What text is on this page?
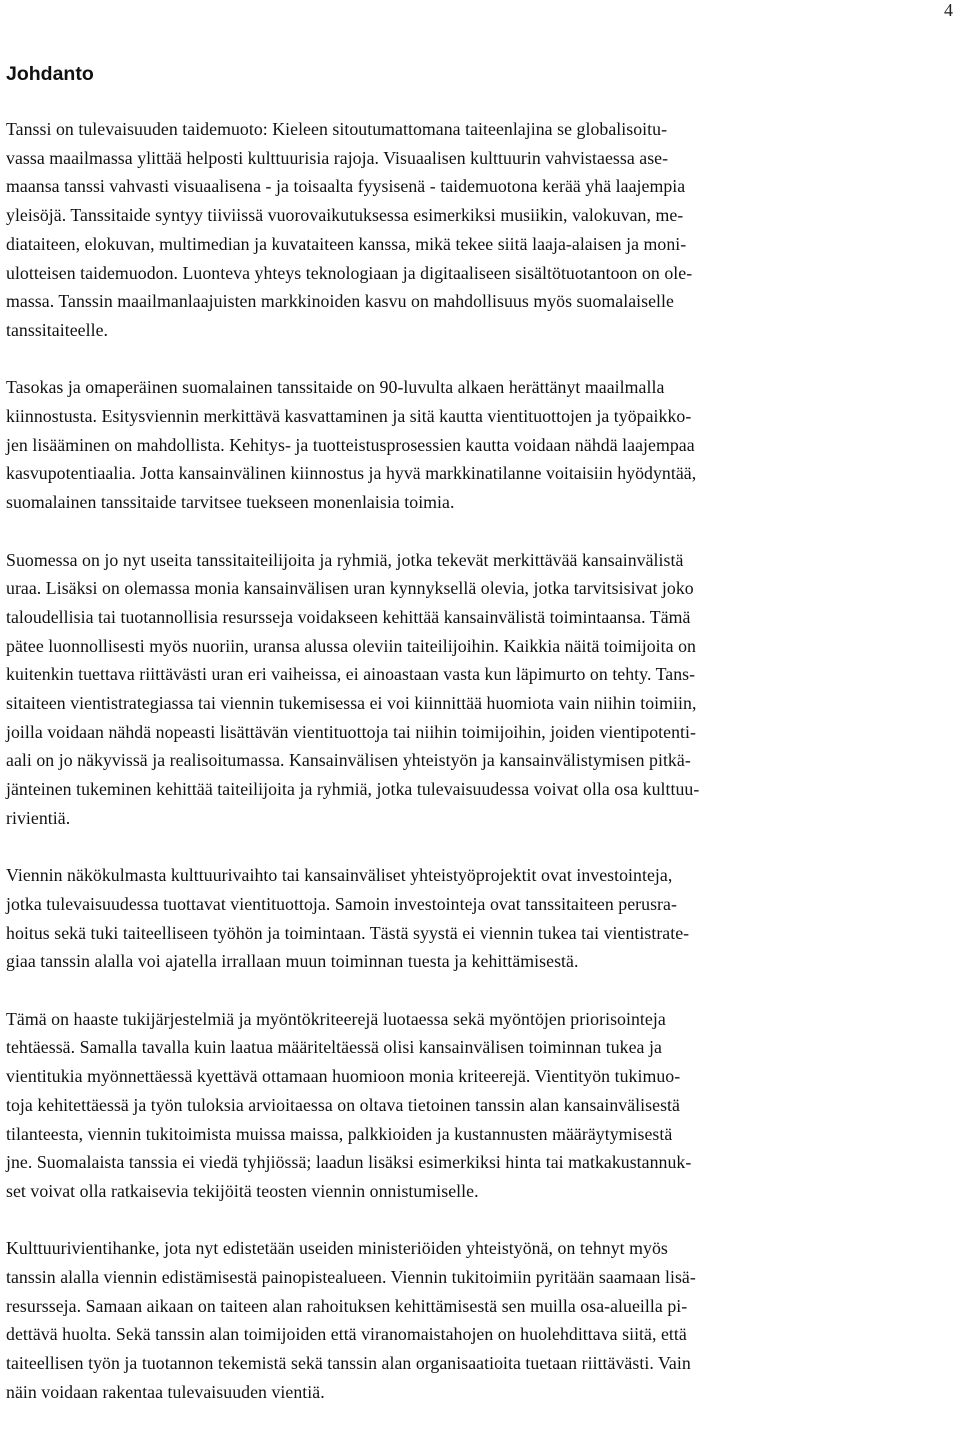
4
Johdanto

Tanssi on tulevaisuuden taidemuoto: Kieleen sitoutumattomana taiteenlajina se globalisoitu-
vassa maailmassa ylittää helposti kulttuurisia rajoja. Visuaalisen kulttuurin vahvistaessa ase-
maansa tanssi vahvasti visuaalisena - ja toisaalta fyysisenä - taidemuotona kerää yhä laajempia
yleisöjä. Tanssitaide syntyy tiiviissä vuorovaikutuksessa esimerkiksi musiikin, valokuvan, me-
diataiteen, elokuvan, multimedian ja kuvataiteen kanssa, mikä tekee siitä laaja-alaisen ja moni-
ulotteisen taidemuodon. Luonteva yhteys teknologiaan ja digitaaliseen sisältötuotantoon on ole-
massa. Tanssin maailmanlaajuisten markkinoiden kasvu on mahdollisuus myös suomalaiselle
tanssitaiteelle.

Tasokas ja omaperäinen suomalainen tanssitaide on 90-luvulta alkaen herättänyt maailmalla
kiinnostusta. Esitysviennin merkittävä kasvattaminen ja sitä kautta vientituottojen ja työpaikko-
jen lisääminen on mahdollista. Kehitys- ja tuotteistusprosessien kautta voidaan nähdä laajempaa
kasvupotentiaalia. Jotta kansainvälinen kiinnostus ja hyvä markkinatilanne voitaisiin hyödyntää,
suomalainen tanssitaide tarvitsee tuekseen monenlaisia toimia.

Suomessa on jo nyt useita tanssitaiteilijoita ja ryhmiä, jotka tekevät merkittävää kansainvälistä
uraa. Lisäksi on olemassa monia kansainvälisen uran kynnyksellä olevia, jotka tarvitsisivat joko
taloudellisia tai tuotannollisia resursseja voidakseen kehittää kansainvälistä toimintaansa. Tämä
pätee luonnollisesti myös nuoriin, uransa alussa oleviin taiteilijoihin. Kaikkia näitä toimijoita on
kuitenkin tuettava riittävästi uran eri vaiheissa, ei ainoastaan vasta kun läpimurto on tehty. Tans-
sitaiteen vientistrategiassa tai viennin tukemisessa ei voi kiinnittää huomiota vain niihin toimiin,
joilla voidaan nähdä nopeasti lisättävän vientituottoja tai niihin toimijoihin, joiden vientipotenti-
aali on jo näkyvissä ja realisoitumassa. Kansainvälisen yhteistyön ja kansainvälistymisen pitkä-
jänteinen tukeminen kehittää taiteilijoita ja ryhmiä, jotka tulevaisuudessa voivat olla osa kulttuu-
rivientiä.

Viennin näkökulmasta kulttuurivaihto tai kansainväliset yhteistyöprojektit ovat investointeja,
jotka tulevaisuudessa tuottavat vientituottoja. Samoin investointeja ovat tanssitaiteen perusra-
hoitus sekä tuki taiteelliseen työhön ja toimintaan. Tästä syystä ei viennin tukea tai vientistrate-
giaa tanssin alalla voi ajatella irrallaan muun toiminnan tuesta ja kehittämisestä.

Tämä on haaste tukijärjestelmiä ja myöntökriteerejä luotaessa sekä myöntöjen priorisointeja
tehtäessä. Samalla tavalla kuin laatua määriteltäessä olisi kansainvälisen toiminnan tukea ja
vientitukia myönnettäessä kyettävä ottamaan huomioon monia kriteerejä. Vientityön tukimuo-
toja kehitettäessä ja työn tuloksia arvioitaessa on oltava tietoinen tanssin alan kansainvälisestä
tilanteesta, viennin tukitoimista muissa maissa, palkkioiden ja kustannusten määräytymisestä
jne. Suomalaista tanssia ei viedä tyhjiössä; laadun lisäksi esimerkiksi hinta tai matkakustannuk-
set voivat olla ratkaisevia tekijöitä teosten viennin onnistumiselle.

Kulttuurivientihanke, jota nyt edistetään useiden ministeriöiden yhteistyönä, on tehnyt myös
tanssin alalla viennin edistämisestä painopistealueen. Viennin tukitoimiin pyritään saamaan lisä-
resursseja. Samaan aikaan on taiteen alan rahoituksen kehittämisestä sen muilla osa-alueilla pi-
dettävä huolta. Sekä tanssin alan toimijoiden että viranomaistahojen on huolehdittava siitä, että
taiteellisen työn ja tuotannon tekemistä sekä tanssin alan organisaatioita tuetaan riittävästi. Vain
näin voidaan rakentaa tulevaisuuden vientiä.
